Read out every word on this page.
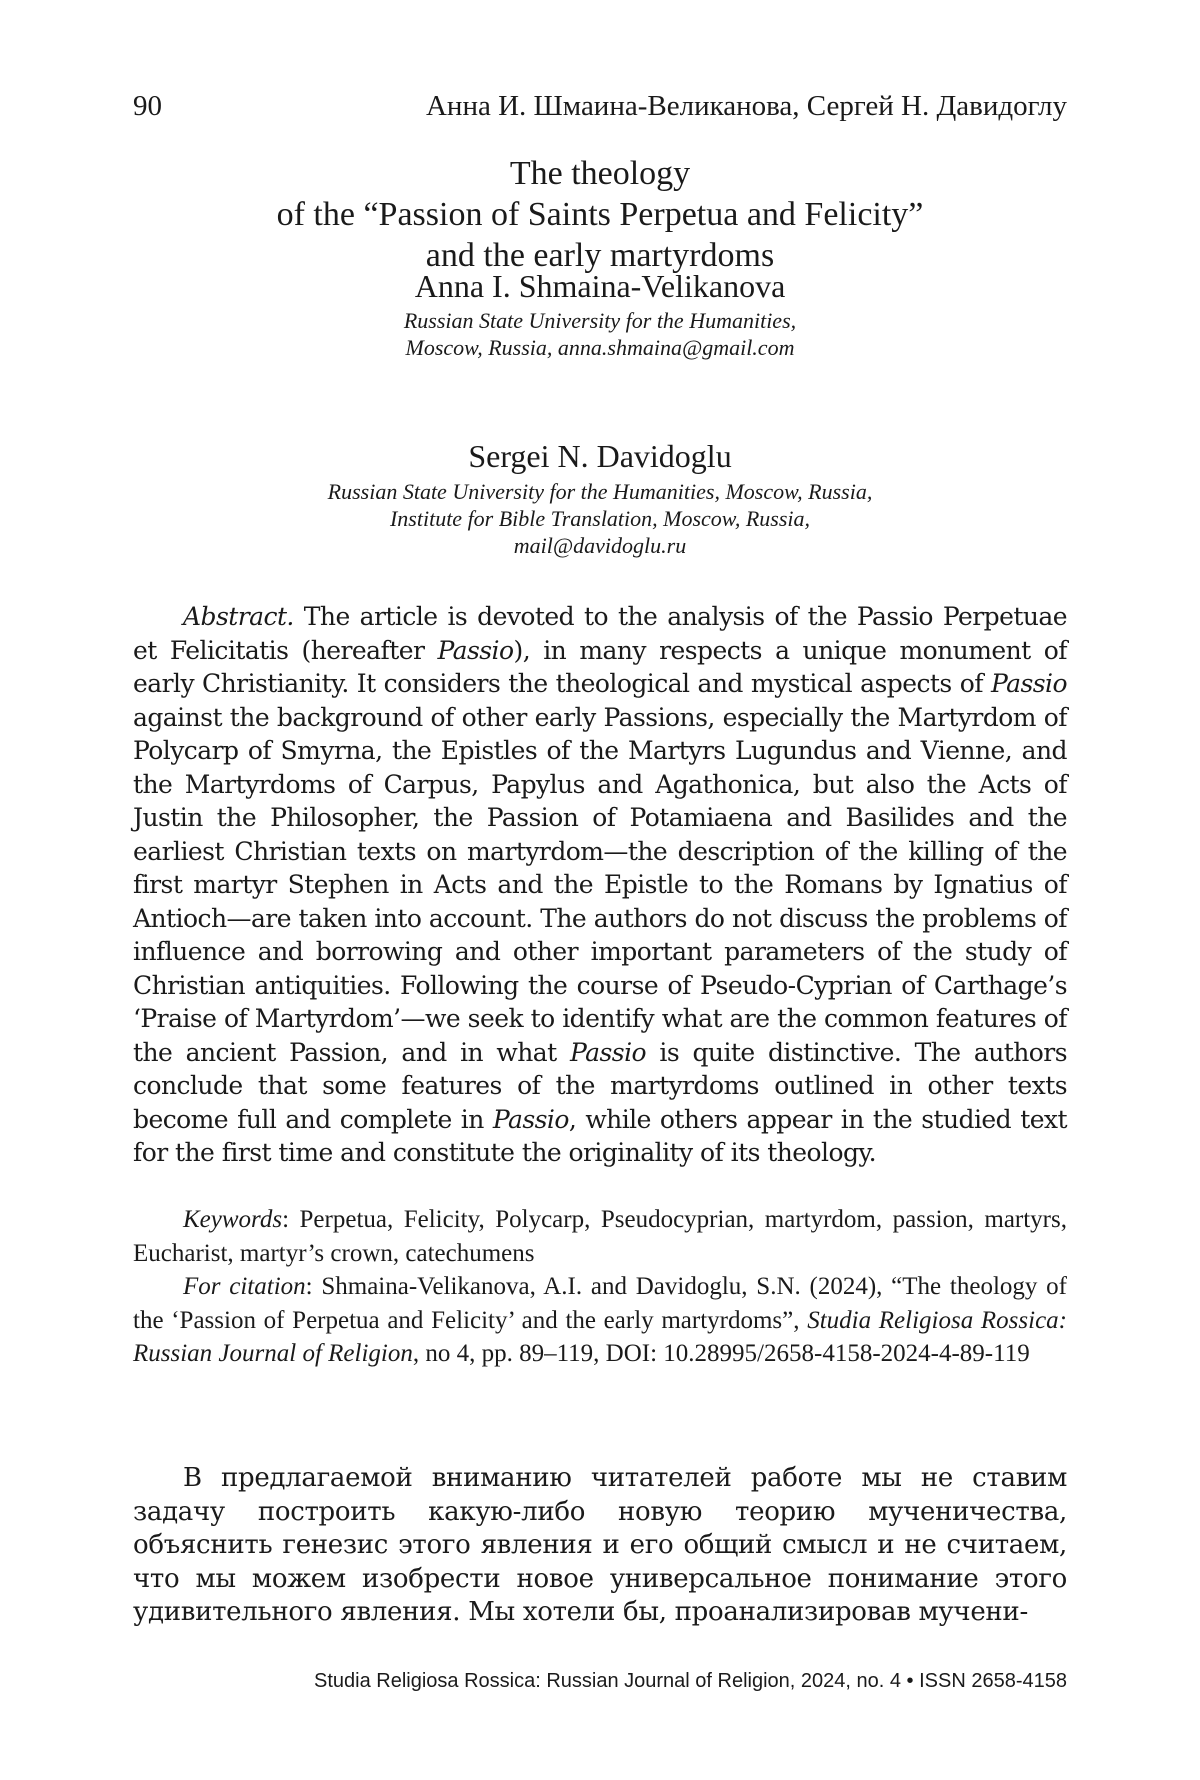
90	Анна И. Шмаина-Великанова, Сергей Н. Давидоглу
The theology
of the “Passion of Saints Perpetua and Felicity”
and the early martyrdoms
Anna I. Shmaina-Velikanova
Russian State University for the Humanities,
Moscow, Russia, anna.shmaina@gmail.com
Sergei N. Davidoglu
Russian State University for the Humanities, Moscow, Russia,
Institute for Bible Translation, Moscow, Russia,
mail@davidoglu.ru

Abstract. The article is devoted to the analysis of the Passio Perpetuae et Felicitatis (hereafter Passio), in many respects a unique monument of early Christianity. It considers the theological and mystical aspects of Passio against the background of other early Passions, especially the Martyrdom of Polycarp of Smyrna, the Epistles of the Martyrs Lugundus and Vienne, and the Martyrdoms of Carpus, Papylus and Agathonica, but also the Acts of Justin the Philosopher, the Passion of Potamiaena and Basilides and the earliest Christian texts on martyrdom—the description of the killing of the first martyr Stephen in Acts and the Epistle to the Romans by Ignatius of Antioch—are taken into account. The authors do not discuss the problems of influence and borrowing and other important parameters of the study of Christian antiquities. Following the course of Pseudo-Cyprian of Carthage’s ‘Praise of Martyrdom’—we seek to identify what are the common features of the ancient Passion, and in what Passio is quite distinctive. The authors conclude that some features of the martyrdoms outlined in other texts become full and complete in Passio, while others appear in the studied text for the first time and constitute the originality of its theology.

Keywords: Perpetua, Felicity, Polycarp, Pseudocyprian, martyrdom, passion, martyrs, Eucharist, martyr’s crown, catechumens

For citation: Shmaina-Velikanova, A.I. and Davidoglu, S.N. (2024), “The theology of the ‘Passion of Perpetua and Felicity’ and the early martyrdoms”, Studia Religiosa Rossica: Russian Journal of Religion, no 4, pp. 89–119, DOI: 10.28995/2658-4158-2024-4-89-119

В предлагаемой вниманию читателей работе мы не ставим задачу построить какую-либо новую теорию мученичества, объяснить генезис этого явления и его общий смысл и не считаем, что мы можем изобрести новое универсальное понимание этого удивительного явления. Мы хотели бы, проанализировав мучени-

Studia Religiosa Rossica: Russian Journal of Religion, 2024, no. 4 • ISSN 2658-4158
